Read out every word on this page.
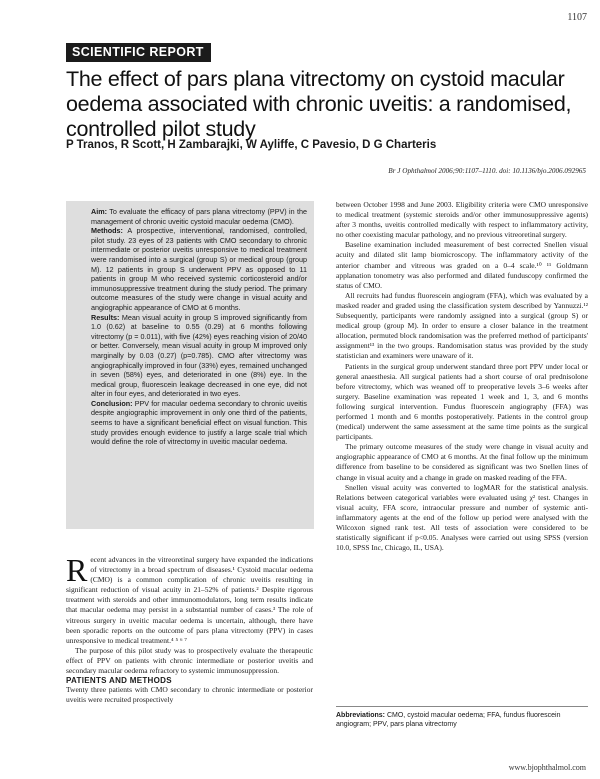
1107
SCIENTIFIC REPORT
The effect of pars plana vitrectomy on cystoid macular oedema associated with chronic uveitis: a randomised, controlled pilot study
P Tranos, R Scott, H Zambarajki, W Ayliffe, C Pavesio, D G Charteris
Br J Ophthalmol 2006;90:1107–1110. doi: 10.1136/bjo.2006.092965

Aim: To evaluate the efficacy of pars plana vitrectomy (PPV) in the management of chronic uveitic cystoid macular oedema (CMO).

Methods: A prospective, interventional, randomised, controlled, pilot study. 23 eyes of 23 patients with CMO secondary to chronic intermediate or posterior uveitis unresponsive to medical treatment were randomised into a surgical (group S) or medical group (group M). 12 patients in group S underwent PPV as opposed to 11 patients in group M who received systemic corticosteroid and/or immunosuppressive treatment during the study period. The primary outcome measures of the study were change in visual acuity and angiographic appearance of CMO at 6 months.

Results: Mean visual acuity in group S improved significantly from 1.0 (0.62) at baseline to 0.55 (0.29) at 6 months following vitrectomy (p = 0.011), with five (42%) eyes reaching vision of 20/40 or better. Conversely, mean visual acuity in group M improved only marginally by 0.03 (0.27) (p=0.785). CMO after vitrectomy was angiographically improved in four (33%) eyes, remained unchanged in seven (58%) eyes, and deteriorated in one (8%) eye. In the medical group, fluorescein leakage decreased in one eye, did not alter in four eyes, and deteriorated in two eyes.

Conclusion: PPV for macular oedema secondary to chronic uveitis despite angiographic improvement in only one third of the patients, seems to have a significant beneficial effect on visual function. This study provides enough evidence to justify a large scale trial which would define the role of vitrectomy in uveitic macular oedema.

Recent advances in the vitreoretinal surgery have expanded the indications of vitrectomy in a broad spectrum of diseases.¹ Cystoid macular oedema (CMO) is a common complication of chronic uveitis resulting in significant reduction of visual acuity in 21–52% of patients.² Despite rigorous treatment with steroids and other immunomodulators, long term results indicate that macular oedema may persist in a substantial number of cases.³ The role of vitreous surgery in uveitic macular oedema is uncertain, although, there have been sporadic reports on the outcome of pars plana vitrectomy (PPV) in cases unresponsive to medical treatment.⁴ ⁵ ⁶ ⁷

The purpose of this pilot study was to prospectively evaluate the therapeutic effect of PPV on patients with chronic intermediate or posterior uveitis and secondary macular oedema refractory to systemic immunosuppression.

PATIENTS AND METHODS

Twenty three patients with CMO secondary to chronic intermediate or posterior uveitis were recruited prospectively

between October 1998 and June 2003. Eligibility criteria were CMO unresponsive to medical treatment (systemic steroids and/or other immunosuppressive agents) after 3 months, uveitis controlled medically with respect to inflammatory activity, no other coexisting macular pathology, and no previous vitreoretinal surgery.

Baseline examination included measurement of best corrected Snellen visual acuity and dilated slit lamp biomicroscopy. The inflammatory activity of the anterior chamber and vitreous was graded on a 0–4 scale.¹⁰ ¹¹ Goldmann applanation tonometry was also performed and dilated funduscopy confirmed the status of CMO.

All recruits had fundus fluorescein angiogram (FFA), which was evaluated by a masked reader and graded using the classification system described by Yannuzzi.¹² Subsequently, participants were randomly assigned into a surgical (group S) or medical group (group M). In order to ensure a closer balance in the treatment allocation, permuted block randomisation was the preferred method of participants' assignment¹³ in the two groups. Randomisation status was provided by the study statistician and examiners were unaware of it.

Patients in the surgical group underwent standard three port PPV under local or general anaesthesia. All surgical patients had a short course of oral prednisolone before vitrectomy, which was weaned off to preoperative levels 3–6 weeks after surgery. Baseline examination was repeated 1 week and 1, 3, and 6 months following surgical intervention. Fundus fluorescein angiography (FFA) was performed 1 month and 6 months postoperatively. Patients in the control group (medical) underwent the same assessment at the same time points as the surgical participants.

The primary outcome measures of the study were change in visual acuity and angiographic appearance of CMO at 6 months. At the final follow up the minimum difference from baseline to be considered as significant was two Snellen lines of change in visual acuity and a change in grade on masked reading of the FFA.

Snellen visual acuity was converted to logMAR for the statistical analysis. Relations between categorical variables were evaluated using χ² test. Changes in visual acuity, FFA score, intraocular pressure and number of systemic anti-inflammatory agents at the end of the follow up period were analysed with the Wilcoxon signed rank test. All tests of association were considered to be statistically significant if p<0.05. Analyses were carried out using SPSS (version 10.0, SPSS Inc, Chicago, IL, USA).

Abbreviations: CMO, cystoid macular oedema; FFA, fundus fluorescein angiogram; PPV, pars plana vitrectomy
www.bjophthalmol.com
